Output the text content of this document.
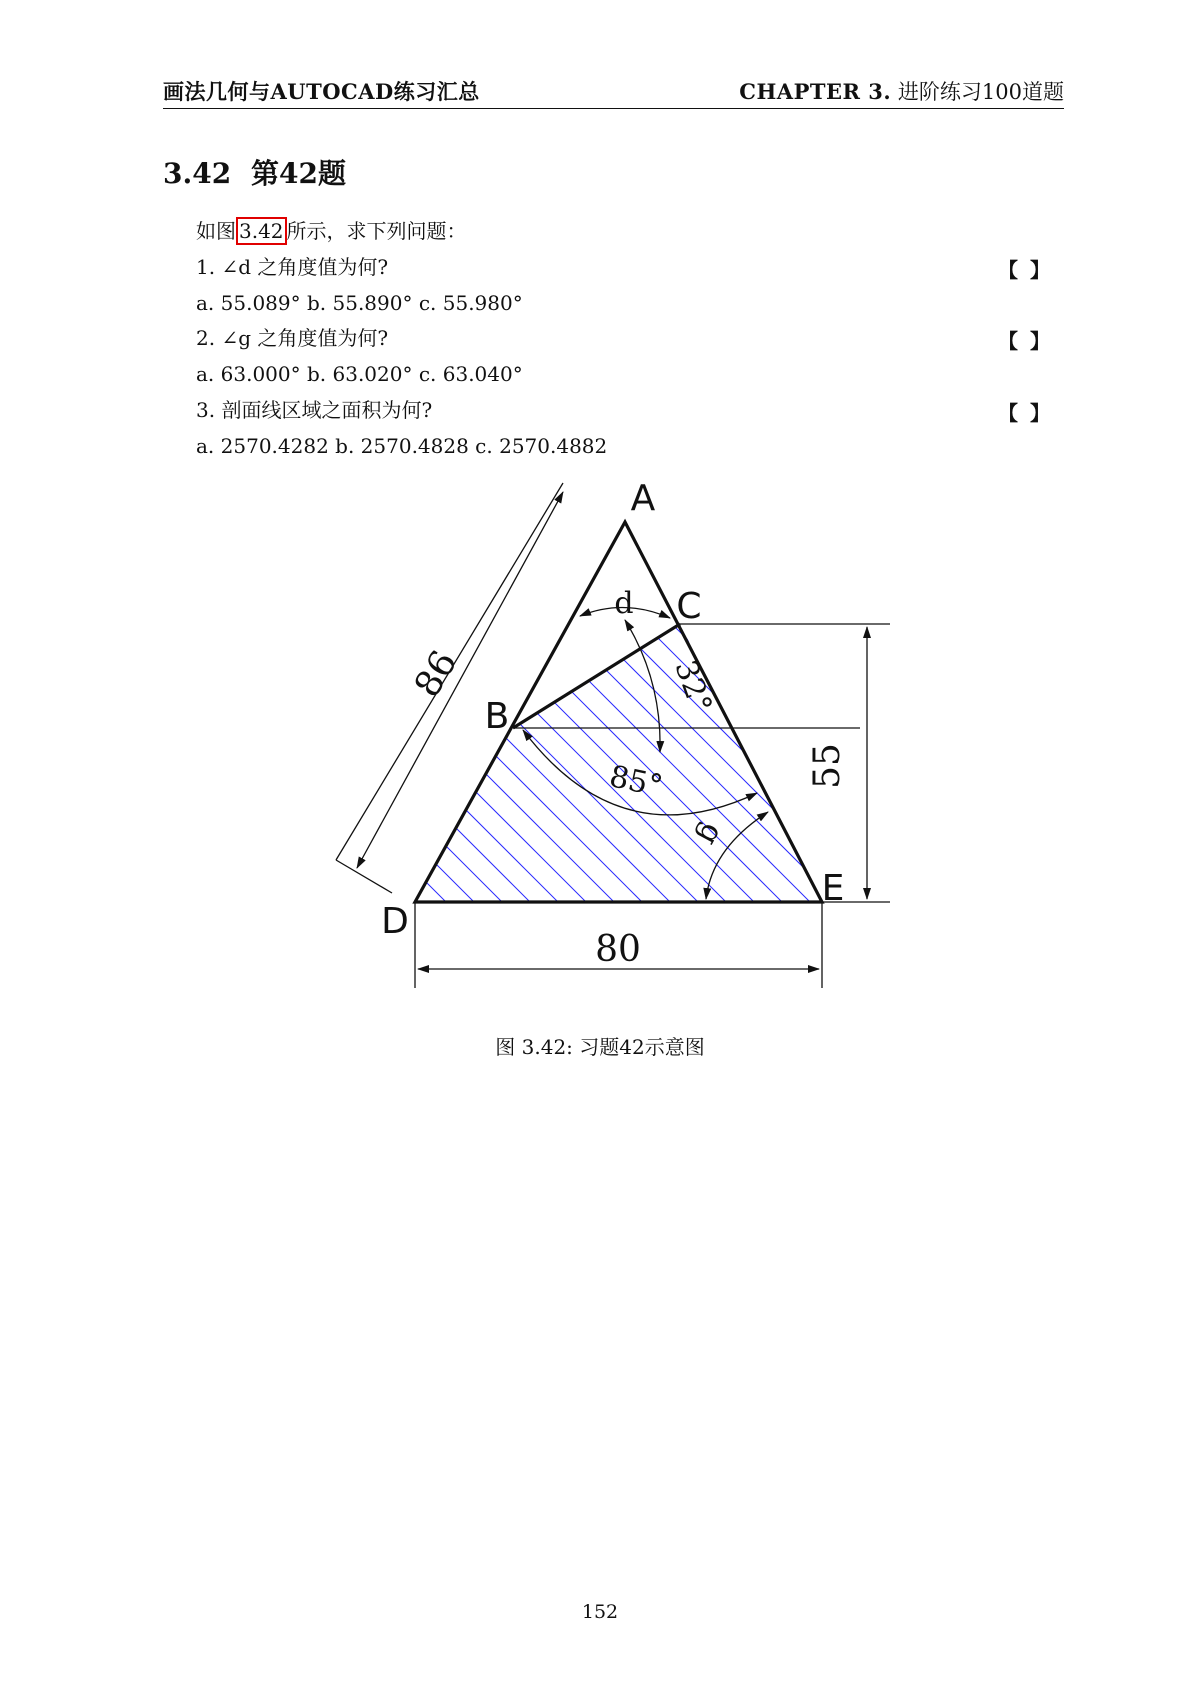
画法几何与AUTOCAD练习汇总	CHAPTER 3. 进阶练习100道题
3.42 第42题
如图 3.42 所示，求下列问题：
1. ∠d 之角度值为何?	【】
a. 55.089° b. 55.890° c. 55.980°
2. ∠g 之角度值为何?	【】
a. 63.000° b. 63.020° c. 63.040°
3. 剖面线区域之面积为何?	【】
a. 2570.4282 b. 2570.4828 c. 2570.4882
A
B
C
D
E
d
32°
85°
g
86
55
80
图 3.42: 习题42示意图
152
